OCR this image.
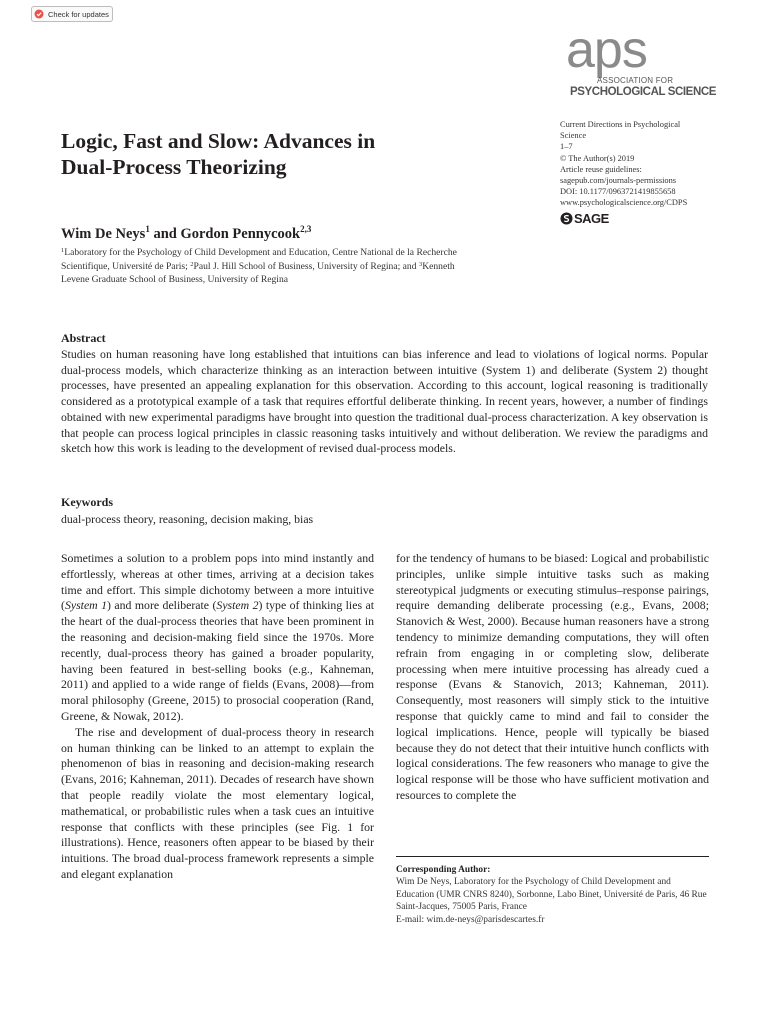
Check for updates
aps
ASSOCIATION FOR
PSYCHOLOGICAL SCIENCE
Current Directions in Psychological
Science
1–7
© The Author(s) 2019
Article reuse guidelines:
sagepub.com/journals-permissions
DOI: 10.1177/0963721419855658
www.psychologicalscience.org/CDPS
SAGE
Logic, Fast and Slow: Advances in
Dual-Process Theorizing
Wim De Neys$^1$ and Gordon Pennycook$^{2,3}$
$^1$Laboratory for the Psychology of Child Development and Education, Centre National de la Recherche Scientifique, Université de Paris; $^2$Paul J. Hill School of Business, University of Regina; and $^3$Kenneth Levene Graduate School of Business, University of Regina
Abstract
Studies on human reasoning have long established that intuitions can bias inference and lead to violations of logical norms. Popular dual-process models, which characterize thinking as an interaction between intuitive (System 1) and deliberate (System 2) thought processes, have presented an appealing explanation for this observation. According to this account, logical reasoning is traditionally considered as a prototypical example of a task that requires effortful deliberate thinking. In recent years, however, a number of findings obtained with new experimental paradigms have brought into question the traditional dual-process characterization. A key observation is that people can process logical principles in classic reasoning tasks intuitively and without deliberation. We review the paradigms and sketch how this work is leading to the development of revised dual-process models.
Keywords
dual-process theory, reasoning, decision making, bias

Sometimes a solution to a problem pops into mind instantly and effortlessly, whereas at other times, arriving at a decision takes time and effort. This simple dichotomy between a more intuitive (System 1) and more deliberate (System 2) type of thinking lies at the heart of the dual-process theories that have been prominent in the reasoning and decision-making field since the 1970s. More recently, dual-process theory has gained a broader popularity, having been featured in best-selling books (e.g., Kahneman, 2011) and applied to a wide range of fields (Evans, 2008)—from moral philosophy (Greene, 2015) to prosocial cooperation (Rand, Greene, & Nowak, 2012).

The rise and development of dual-process theory in research on human thinking can be linked to an attempt to explain the phenomenon of bias in reasoning and decision-making research (Evans, 2016; Kahneman, 2011). Decades of research have shown that people readily violate the most elementary logical, mathematical, or probabilistic rules when a task cues an intuitive response that conflicts with these principles (see Fig. 1 for illustrations). Hence, reasoners often appear to be biased by their intuitions. The broad dual-process framework represents a simple and elegant explanation

for the tendency of humans to be biased: Logical and probabilistic principles, unlike simple intuitive tasks such as making stereotypical judgments or executing stimulus–response pairings, require demanding deliberate processing (e.g., Evans, 2008; Stanovich & West, 2000). Because human reasoners have a strong tendency to minimize demanding computations, they will often refrain from engaging in or completing slow, deliberate processing when mere intuitive processing has already cued a response (Evans & Stanovich, 2013; Kahneman, 2011). Consequently, most reasoners will simply stick to the intuitive response that quickly came to mind and fail to consider the logical implications. Hence, people will typically be biased because they do not detect that their intuitive hunch conflicts with logical considerations. The few reasoners who manage to give the logical response will be those who have sufficient motivation and resources to complete the

Corresponding Author:
Wim De Neys, Laboratory for the Psychology of Child Development and Education (UMR CNRS 8240), Sorbonne, Labo Binet, Université de Paris, 46 Rue Saint-Jacques, 75005 Paris, France
E-mail: wim.de-neys@parisdescartes.fr
